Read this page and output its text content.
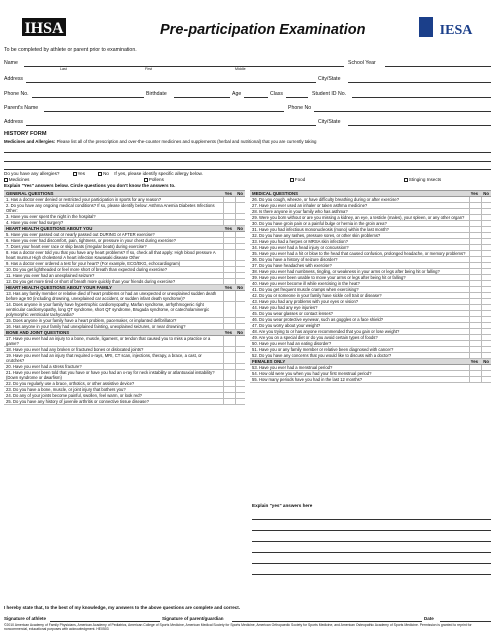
IHSA	Pre-participation Examination	IESA
To be completed by athlete or parent prior to examination.
Name
Last	First	Middle
School Year
Address	City/State
Phone No.	Birthdate	Age	Class	Student ID No.
Parent's Name	Phone No
Address	City/State
HISTORY FORM
Medicines and Allergies: Please list all of the prescription and over-the-counter medicines and supplements (herbal and nutritional) that you are currently taking
Do you have any allergies?	Yes	No If yes, please identify specific allergy below.
Medicines	Pollens	Food	Stinging Insects
Explain "Yes" answers below. Circle questions you don't know the answers to.
GENERAL QUESTIONS	Yes No
1. Has a doctor ever denied or restricted your participation in sports for any reason?
2. Do you have any ongoing medical conditions? If so, please identify below: Asthma Anemia Diabetes Infections Other:
3. Have you ever spent the night in the hospital?
4. Have you ever had surgery?
HEART HEALTH QUESTIONS ABOUT YOU	Yes No
5. Have you ever passed out or nearly passed out DURING or AFTER exercise?
6. Have you ever had discomfort, pain, tightness, or pressure in your chest during exercise?
7. Does your heart ever race or skip beats (irregular beats) during exercise?
8. Has a doctor ever told you that you have any heart problems? If so, check all that apply: High blood pressure A heart murmur High cholesterol A heart infection Kawasaki disease Other
9. Has a doctor ever ordered a test for your heart? (For example, ECG/EKG, echocardiogram)
10. Do you get lightheaded or feel more short of breath than expected during exercise?
11. Have you ever had an unexplained seizure?
12. Do you get more tired or short of breath more quickly than your friends during exercise?
HEART HEALTH QUESTIONS ABOUT YOUR FAMILY	Yes No
13. Has any family member or relative died of heart problems or had an unexpected or unexplained sudden death before age 50 (including drowning, unexplained car accident, or sudden infant death syndrome)?
14. Does anyone in your family have hypertrophic cardiomyopathy, Marfan syndrome, arrhythmogenic right ventricular cardiomyopathy, long QT syndrome, short QT syndrome, Brugada syndrome, or catecholaminergic polymorphic ventricular tachycardia?
15. Does anyone in your family have a heart problem, pacemaker, or implanted defibrillator?
16. Has anyone in your family had unexplained fainting, unexplained seizures, or near drowning?
BONE AND JOINT QUESTIONS	Yes No
17. Have you ever had an injury to a bone, muscle, ligament, or tendon that caused you to miss a practice or a game?
18. Have you ever had any broken or fractured bones or dislocated joints?
19. Have you ever had an injury that required x-rays, MRI, CT scan, injections, therapy, a brace, a cast, or crutches?
20. Have you ever had a stress fracture?
21. Have you ever been told that you have or have you had an x-ray for neck instability or atlantoaxial instability? (Down syndrome or dwarfism)
22. Do you regularly use a brace, orthotics, or other assistive device?
23. Do you have a bone, muscle, or joint injury that bothers you?
24. Do any of your joints become painful, swollen, feel warm, or look red?
25. Do you have any history of juvenile arthritis or connective tissue disease?
MEDICAL QUESTIONS	Yes No
26. Do you cough, wheeze, or have difficulty breathing during or after exercise?
27. Have you ever used an inhaler or taken asthma medicine?
28. Is there anyone in your family who has asthma?
29. Were you born without or are you missing a kidney, an eye, a testicle (males), your spleen, or any other organ?
30. Do you have groin pain or a painful bulge or hernia in the groin area?
31. Have you had infectious mononucleosis (mono) within the last month?
32. Do you have any rashes, pressure sores, or other skin problems?
33. Have you had a herpes or MRSA skin infection?
34. Have you ever had a head injury or concussion?
35. Have you ever had a hit or blow to the head that caused confusion, prolonged headache, or memory problems?
36. Do you have a history of seizure disorder?
37. Do you have headaches with exercise?
38. Have you ever had numbness, tingling, or weakness in your arms or legs after being hit or falling?
39. Have you ever been unable to move your arms or legs after being hit or falling?
40. Have you ever become ill while exercising in the heat?
41. Do you get frequent muscle cramps when exercising?
42. Do you or someone in your family have sickle cell trait or disease?
43. Have you had any problems with your eyes or vision?
44. Have you had any eye injuries?
45. Do you wear glasses or contact lenses?
46. Do you wear protective eyewear, such as goggles or a face shield?
47. Do you worry about your weight?
48. Are you trying to or has anyone recommended that you gain or lose weight?
49. Are you on a special diet or do you avoid certain types of foods?
50. Have you ever had an eating disorder?
51. Have you or any family member or relative been diagnosed with cancer?
52. Do you have any concerns that you would like to discuss with a doctor?
FEMALES ONLY	Yes No
53. Have you ever had a menstrual period?
54. How old were you when you had your first menstrual period?
55. How many periods have you had in the last 12 months?
Explain "yes" answers here
I hereby state that, to the best of my knowledge, my answers to the above questions are complete and correct.
Signature of athlete	Signature of parent/guardian	Date
©2010 American Academy of Family Physicians, American Academy of Pediatrics, American College of Sports Medicine, American Medical Society for Sports Medicine, American Orthopaedic Society for Sports Medicine, and American Osteopathic Academy of Sports Medicine. Permission is granted to reprint for noncommercial, educational purposes with acknowledgment. HE0503
